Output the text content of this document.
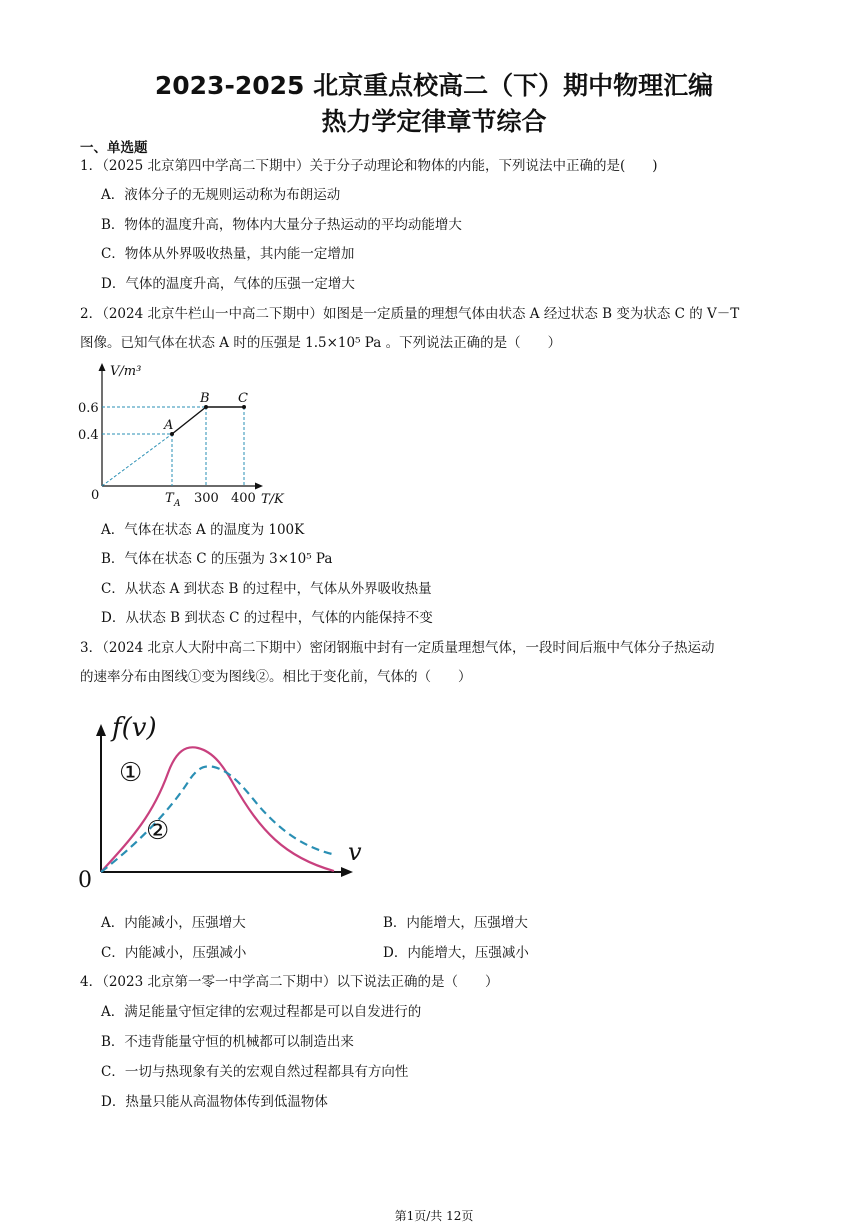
2023-2025 北京重点校高二（下）期中物理汇编
热力学定律章节综合
一、单选题
1．（2025 北京第四中学高二下期中）关于分子动理论和物体的内能，下列说法中正确的是(　　)
A．液体分子的无规则运动称为布朗运动
B．物体的温度升高，物体内大量分子热运动的平均动能增大
C．物体从外界吸收热量，其内能一定增加
D．气体的温度升高，气体的压强一定增大
2．（2024 北京牛栏山一中高二下期中）如图是一定质量的理想气体由状态 A 经过状态 B 变为状态 C 的 V－T
图像。已知气体在状态 A 时的压强是 1.5×10⁵ Pa 。下列说法正确的是（　　）
V/m³
T/K
0
0.6
0.4
T A 300 400
A
B C
A．气体在状态 A 的温度为 100K
B．气体在状态 C 的压强为 3×10⁵ Pa
C．从状态 A 到状态 B 的过程中，气体从外界吸收热量
D．从状态 B 到状态 C 的过程中，气体的内能保持不变
3．（2024 北京人大附中高二下期中）密闭钢瓶中封有一定质量理想气体，一段时间后瓶中气体分子热运动
的速率分布由图线①变为图线②。相比于变化前，气体的（　　）
f(v)
v
0
①
②
A．内能减小，压强增大	B．内能增大，压强增大
C．内能减小，压强减小	D．内能增大，压强减小
4．（2023 北京第一零一中学高二下期中）以下说法正确的是（　　）
A．满足能量守恒定律的宏观过程都是可以自发进行的
B．不违背能量守恒的机械都可以制造出来
C．一切与热现象有关的宏观自然过程都具有方向性
D．热量只能从高温物体传到低温物体
第1页/共 12页
